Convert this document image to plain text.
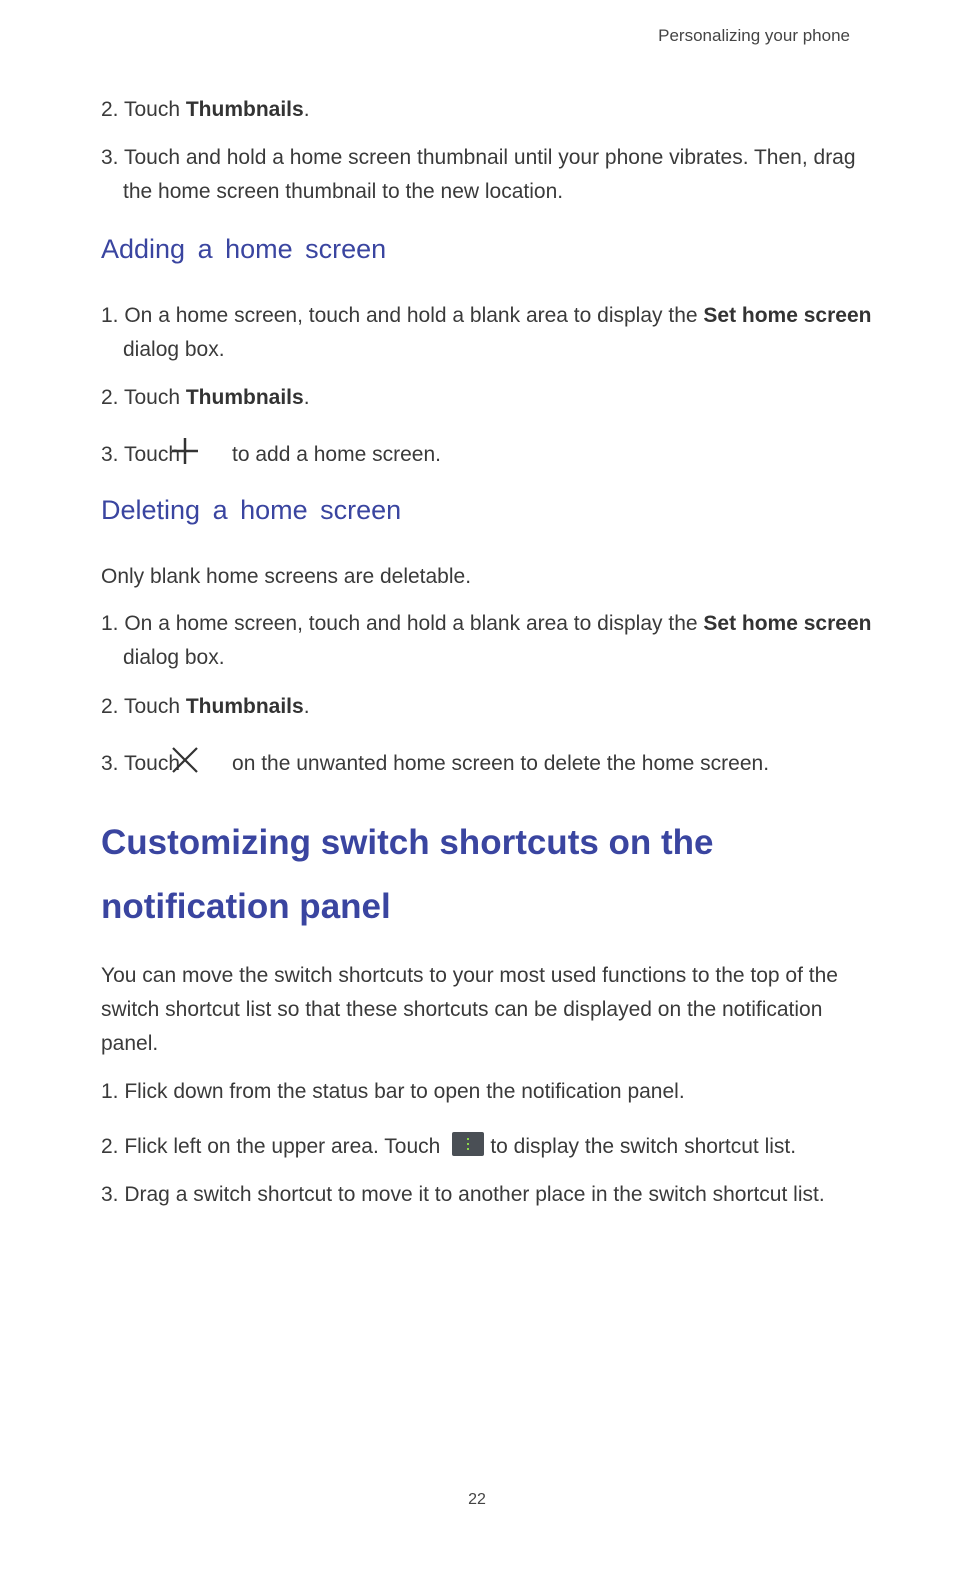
Personalizing your phone
2. Touch Thumbnails.
3. Touch and hold a home screen thumbnail until your phone vibrates. Then, drag the home screen thumbnail to the new location.
Adding a home screen
1. On a home screen, touch and hold a blank area to display the Set home screen dialog box.
2. Touch Thumbnails.
3. Touch to add a home screen.
Deleting a home screen
Only blank home screens are deletable.
1. On a home screen, touch and hold a blank area to display the Set home screen dialog box.
2. Touch Thumbnails.
3. Touch on the unwanted home screen to delete the home screen.
Customizing switch shortcuts on the notification panel
You can move the switch shortcuts to your most used functions to the top of the switch shortcut list so that these shortcuts can be displayed on the notification panel.
1. Flick down from the status bar to open the notification panel.
2. Flick left on the upper area. Touch to display the switch shortcut list.
3. Drag a switch shortcut to move it to another place in the switch shortcut list.
22
